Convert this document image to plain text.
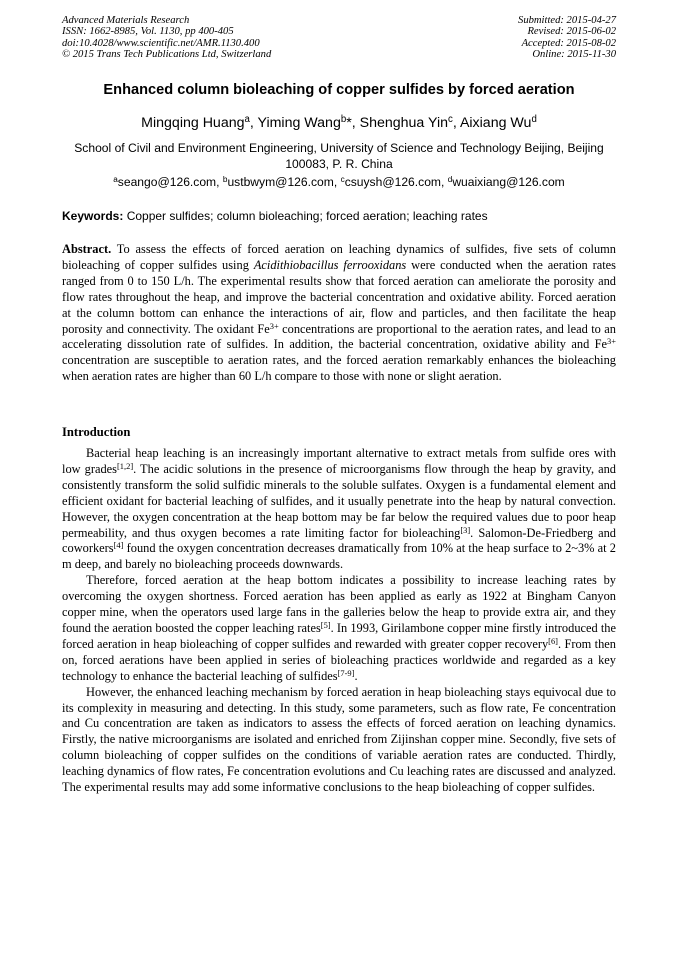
Advanced Materials Research
ISSN: 1662-8985, Vol. 1130, pp 400-405
doi:10.4028/www.scientific.net/AMR.1130.400
© 2015 Trans Tech Publications Ltd, Switzerland
Submitted: 2015-04-27
Revised: 2015-06-02
Accepted: 2015-08-02
Online: 2015-11-30
Enhanced column bioleaching of copper sulfides by forced aeration
Mingqing Huang$^a$, Yiming Wang$^b$*, Shenghua Yin$^c$, Aixiang Wu$^d$
School of Civil and Environment Engineering, University of Science and Technology Beijing, Beijing 100083, P. R. China
$^a$seango@126.com, $^b$ustbwym@126.com, $^c$csuysh@126.com, $^d$wuaixiang@126.com
Keywords: Copper sulfides; column bioleaching; forced aeration; leaching rates
Abstract. To assess the effects of forced aeration on leaching dynamics of sulfides, five sets of column bioleaching of copper sulfides using Acidithiobacillus ferrooxidans were conducted when the aeration rates ranged from 0 to 150 L/h. The experimental results show that forced aeration can ameliorate the porosity and flow rates throughout the heap, and improve the bacterial concentration and oxidative ability. Forced aeration at the column bottom can enhance the interactions of air, flow and particles, and then facilitate the heap porosity and connectivity. The oxidant $Fe^{3+}$ concentrations are proportional to the aeration rates, and lead to an accelerating dissolution rate of sulfides. In addition, the bacterial concentration, oxidative ability and $Fe^{3+}$ concentration are susceptible to aeration rates, and the forced aeration remarkably enhances the bioleaching when aeration rates are higher than 60 L/h compare to those with none or slight aeration.
Introduction

Bacterial heap leaching is an increasingly important alternative to extract metals from sulfide ores with low grades[1,2]. The acidic solutions in the presence of microorganisms flow through the heap by gravity, and consistently transform the solid sulfidic minerals to the soluble sulfates. Oxygen is a fundamental element and efficient oxidant for bacterial leaching of sulfides, and it usually penetrate into the heap by natural convection. However, the oxygen concentration at the heap bottom may be far below the required values due to poor heap permeability, and thus oxygen becomes a rate limiting factor for bioleaching[3]. Salomon-De-Friedberg and coworkers[4] found the oxygen concentration decreases dramatically from 10% at the heap surface to 2~3% at 2 m deep, and barely no bioleaching proceeds downwards.

Therefore, forced aeration at the heap bottom indicates a possibility to increase leaching rates by overcoming the oxygen shortness. Forced aeration has been applied as early as 1922 at Bingham Canyon copper mine, when the operators used large fans in the galleries below the heap to provide extra air, and they found the aeration boosted the copper leaching rates[5]. In 1993, Girilambone copper mine firstly introduced the forced aeration in heap bioleaching of copper sulfides and rewarded with greater copper recovery[6]. From then on, forced aerations have been applied in series of bioleaching practices worldwide and regarded as a key technology to enhance the bacterial leaching of sulfides[7-9].

However, the enhanced leaching mechanism by forced aeration in heap bioleaching stays equivocal due to its complexity in measuring and detecting. In this study, some parameters, such as flow rate, Fe concentration and Cu concentration are taken as indicators to assess the effects of forced aeration on leaching dynamics. Firstly, the native microorganisms are isolated and enriched from Zijinshan copper mine. Secondly, five sets of column bioleaching of copper sulfides on the conditions of variable aeration rates are conducted. Thirdly, leaching dynamics of flow rates, Fe concentration evolutions and Cu leaching rates are discussed and analyzed. The experimental results may add some informative conclusions to the heap bioleaching of copper sulfides.
